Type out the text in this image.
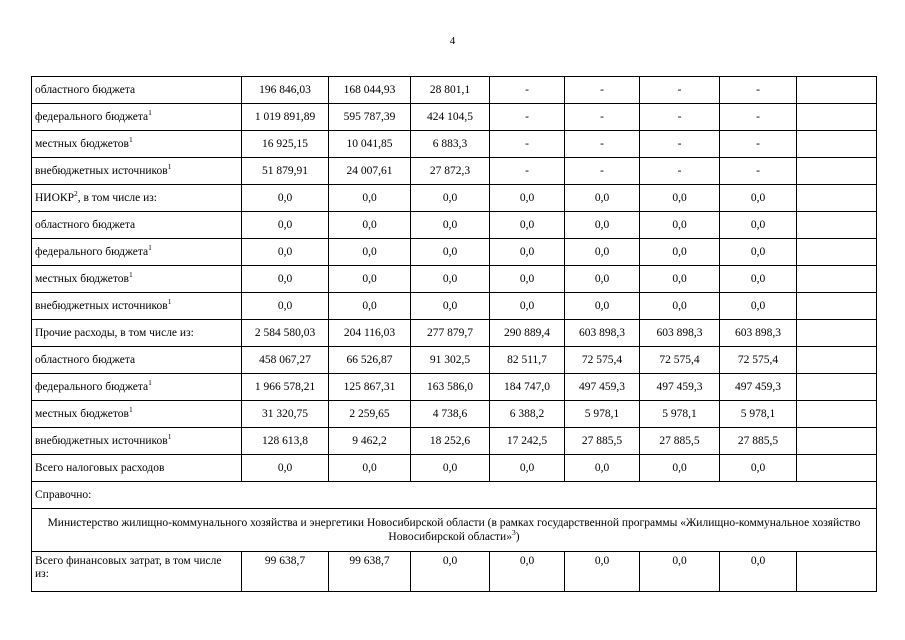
4
областного бюджета	196 846,03	168 044,93	28 801,1	-	-	-	-	
федерального бюджета$^1$	1 019 891,89	595 787,39	424 104,5	-	-	-	-	
местных бюджетов$^1$	16 925,15	10 041,85	6 883,3	-	-	-	-	
внебюджетных источников$^1$	51 879,91	24 007,61	27 872,3	-	-	-	-	
НИОКР$^2$, в том числе из:	0,0	0,0	0,0	0,0	0,0	0,0	0,0	
областного бюджета	0,0	0,0	0,0	0,0	0,0	0,0	0,0	
федерального бюджета$^1$	0,0	0,0	0,0	0,0	0,0	0,0	0,0	
местных бюджетов$^1$	0,0	0,0	0,0	0,0	0,0	0,0	0,0	
внебюджетных источников$^1$	0,0	0,0	0,0	0,0	0,0	0,0	0,0	
Прочие расходы, в том числе из:	2 584 580,03	204 116,03	277 879,7	290 889,4	603 898,3	603 898,3	603 898,3	
областного бюджета	458 067,27	66 526,87	91 302,5	82 511,7	72 575,4	72 575,4	72 575,4	
федерального бюджета$^1$	1 966 578,21	125 867,31	163 586,0	184 747,0	497 459,3	497 459,3	497 459,3	
местных бюджетов$^1$	31 320,75	2 259,65	4 738,6	6 388,2	5 978,1	5 978,1	5 978,1	
внебюджетных источников$^1$	128 613,8	9 462,2	18 252,6	17 242,5	27 885,5	27 885,5	27 885,5	
Всего налоговых расходов	0,0	0,0	0,0	0,0	0,0	0,0	0,0	
Справочно:								
Министерство жилищно-коммунального хозяйства и энергетики Новосибирской области (в рамках государственной программы «Жилищно-коммунальное хозяйство Новосибирской области»$^3$)								
Всего финансовых затрат, в том числе из:	99 638,7	99 638,7	0,0	0,0	0,0	0,0	0,0	
